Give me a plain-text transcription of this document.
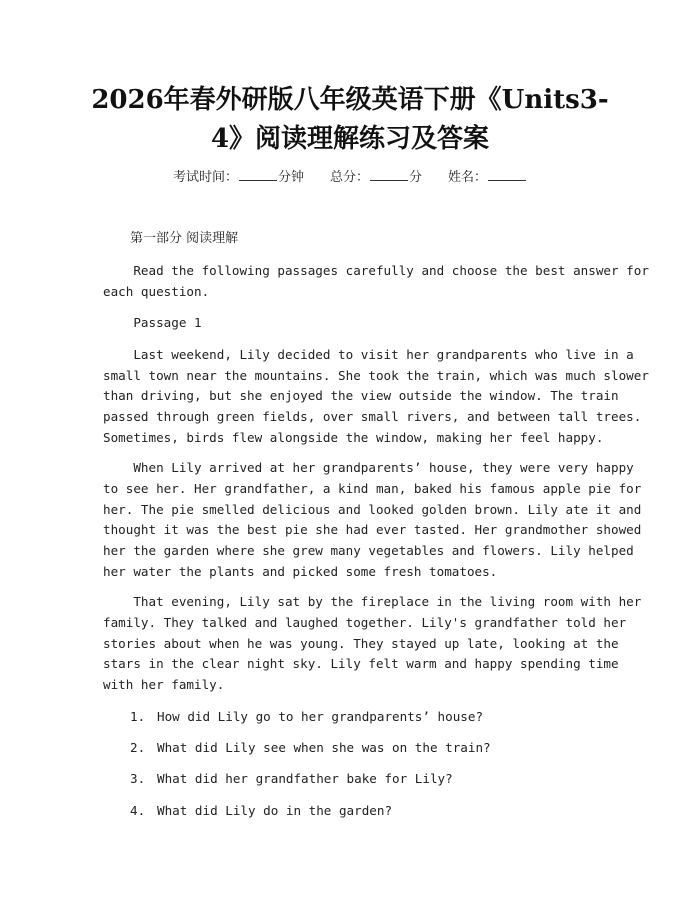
2026年春外研版八年级英语下册《Units3-
4》阅读理解练习及答案
考试时间：	分钟 总分：	分 姓名：
第一部分 阅读理解
Read the following passages carefully and choose the best answer for
each question.
Passage 1
Last weekend, Lily decided to visit her grandparents who live in a
small town near the mountains. She took the train, which was much slower
than driving, but she enjoyed the view outside the window. The train
passed through green fields, over small rivers, and between tall trees.
Sometimes, birds flew alongside the window, making her feel happy.
When Lily arrived at her grandparents’ house, they were very happy
to see her. Her grandfather, a kind man, baked his famous apple pie for
her. The pie smelled delicious and looked golden brown. Lily ate it and
thought it was the best pie she had ever tasted. Her grandmother showed
her the garden where she grew many vegetables and flowers. Lily helped
her water the plants and picked some fresh tomatoes.
That evening, Lily sat by the fireplace in the living room with her
family. They talked and laughed together. Lily's grandfather told her
stories about when he was young. They stayed up late, looking at the
stars in the clear night sky. Lily felt warm and happy spending time
with her family.
1. How did Lily go to her grandparents’ house?
2. What did Lily see when she was on the train?
3. What did her grandfather bake for Lily?
4. What did Lily do in the garden?
